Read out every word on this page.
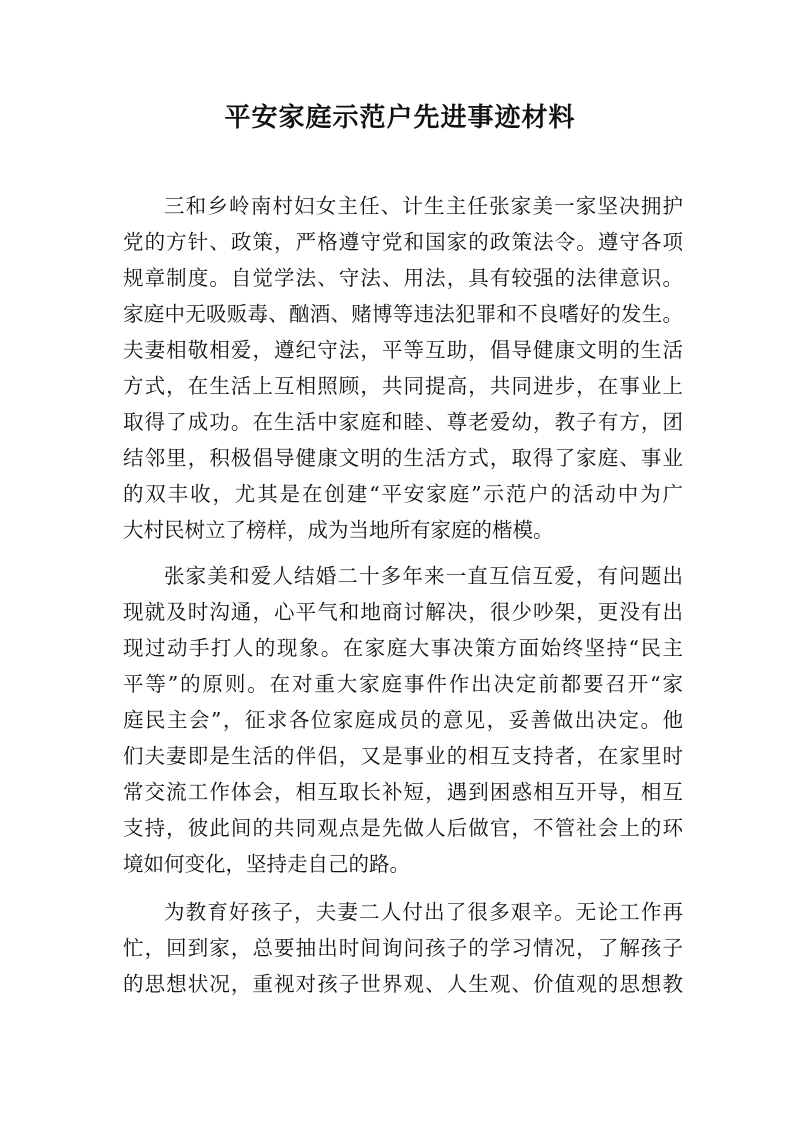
平安家庭示范户先进事迹材料

三和乡岭南村妇女主任、计生主任张家美一家坚决拥护

党的方针、政策，严格遵守党和国家的政策法令。遵守各项

规章制度。自觉学法、守法、用法，具有较强的法律意识。

家庭中无吸贩毒、酗酒、赌博等违法犯罪和不良嗜好的发生。

夫妻相敬相爱，遵纪守法，平等互助，倡导健康文明的生活

方式，在生活上互相照顾，共同提高，共同进步，在事业上

取得了成功。在生活中家庭和睦、尊老爱幼，教子有方，团

结邻里，积极倡导健康文明的生活方式，取得了家庭、事业

的双丰收，尤其是在创建“平安家庭”示范户的活动中为广

大村民树立了榜样，成为当地所有家庭的楷模。

张家美和爱人结婚二十多年来一直互信互爱，有问题出

现就及时沟通，心平气和地商讨解决，很少吵架，更没有出

现过动手打人的现象。在家庭大事决策方面始终坚持“民主

平等”的原则。在对重大家庭事件作出决定前都要召开“家

庭民主会”，征求各位家庭成员的意见，妥善做出决定。他

们夫妻即是生活的伴侣，又是事业的相互支持者，在家里时

常交流工作体会，相互取长补短，遇到困惑相互开导，相互

支持，彼此间的共同观点是先做人后做官，不管社会上的环

境如何变化，坚持走自己的路。

为教育好孩子，夫妻二人付出了很多艰辛。无论工作再

忙，回到家，总要抽出时间询问孩子的学习情况，了解孩子

的思想状况，重视对孩子世界观、人生观、价值观的思想教
